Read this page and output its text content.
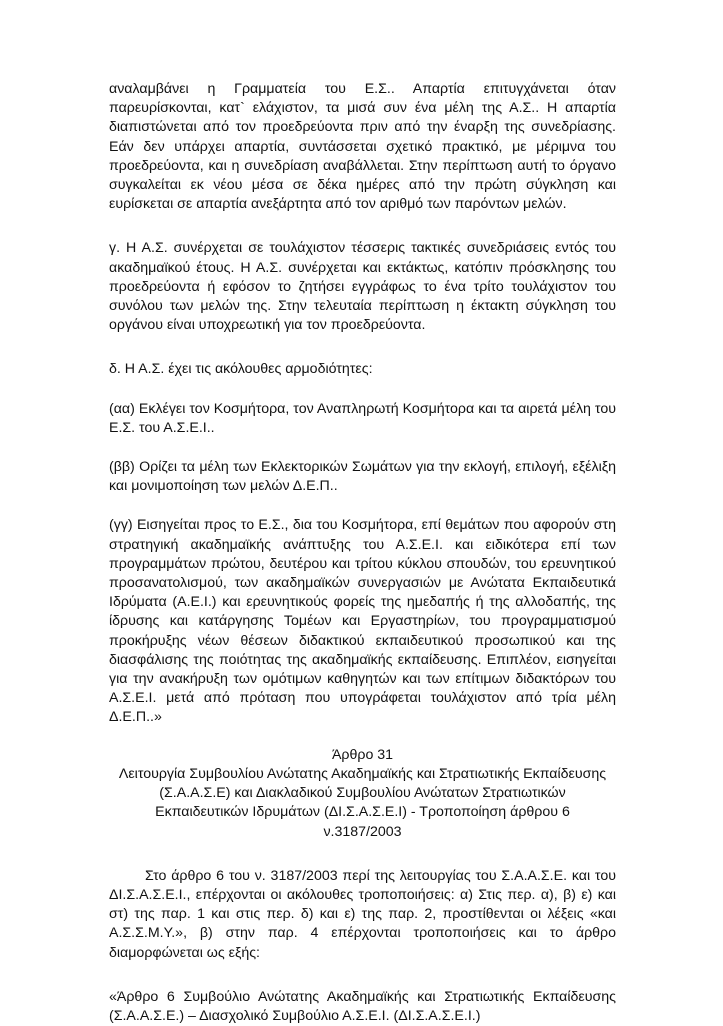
αναλαμβάνει η Γραμματεία του Ε.Σ.. Απαρτία επιτυγχάνεται όταν παρευρίσκονται, κατ` ελάχιστον, τα μισά συν ένα μέλη της Α.Σ.. Η απαρτία διαπιστώνεται από τον προεδρεύοντα πριν από την έναρξη της συνεδρίασης. Εάν δεν υπάρχει απαρτία, συντάσσεται σχετικό πρακτικό, με μέριμνα του προεδρεύοντα, και η συνεδρίαση αναβάλλεται. Στην περίπτωση αυτή το όργανο συγκαλείται εκ νέου μέσα σε δέκα ημέρες από την πρώτη σύγκληση και ευρίσκεται σε απαρτία ανεξάρτητα από τον αριθμό των παρόντων μελών.

γ. Η Α.Σ. συνέρχεται σε τουλάχιστον τέσσερις τακτικές συνεδριάσεις εντός του ακαδημαϊκού έτους. Η Α.Σ. συνέρχεται και εκτάκτως, κατόπιν πρόσκλησης του προεδρεύοντα ή εφόσον το ζητήσει εγγράφως το ένα τρίτο τουλάχιστον του συνόλου των μελών της. Στην τελευταία περίπτωση η έκτακτη σύγκληση του οργάνου είναι υποχρεωτική για τον προεδρεύοντα.

δ. Η Α.Σ. έχει τις ακόλουθες αρμοδιότητες:

(αα) Εκλέγει τον Κοσμήτορα, τον Αναπληρωτή Κοσμήτορα και τα αιρετά μέλη του Ε.Σ. του Α.Σ.Ε.Ι..

(ββ) Ορίζει τα μέλη των Εκλεκτορικών Σωμάτων για την εκλογή, επιλογή, εξέλιξη και μονιμοποίηση των μελών Δ.Ε.Π..

(γγ) Εισηγείται προς το Ε.Σ., δια του Κοσμήτορα, επί θεμάτων που αφορούν στη στρατηγική ακαδημαϊκής ανάπτυξης του Α.Σ.Ε.Ι. και ειδικότερα επί των προγραμμάτων πρώτου, δευτέρου και τρίτου κύκλου σπουδών, του ερευνητικού προσανατολισμού, των ακαδημαϊκών συνεργασιών με Ανώτατα Εκπαιδευτικά Ιδρύματα (Α.Ε.Ι.) και ερευνητικούς φορείς της ημεδαπής ή της αλλοδαπής, της ίδρυσης και κατάργησης Τομέων και Εργαστηρίων, του προγραμματισμού προκήρυξης νέων θέσεων διδακτικού εκπαιδευτικού προσωπικού και της διασφάλισης της ποιότητας της ακαδημαϊκής εκπαίδευσης. Επιπλέον, εισηγείται για την ανακήρυξη των ομότιμων καθηγητών και των επίτιμων διδακτόρων του Α.Σ.Ε.Ι. μετά από πρόταση που υπογράφεται τουλάχιστον από τρία μέλη Δ.Ε.Π..»

Άρθρο 31

Λειτουργία Συμβουλίου Ανώτατης Ακαδημαϊκής και Στρατιωτικής Εκπαίδευσης

(Σ.Α.Α.Σ.Ε) και Διακλαδικού Συμβουλίου Ανώτατων Στρατιωτικών

Εκπαιδευτικών Ιδρυμάτων (ΔΙ.Σ.Α.Σ.Ε.Ι) - Τροποποίηση άρθρου 6

ν.3187/2003

Στο άρθρο 6 του ν. 3187/2003 περί της λειτουργίας του Σ.Α.Α.Σ.Ε. και του ΔΙ.Σ.Α.Σ.Ε.Ι., επέρχονται οι ακόλουθες τροποποιήσεις: α) Στις περ. α), β) ε) και στ) της παρ. 1 και στις περ. δ) και ε) της παρ. 2, προστίθενται οι λέξεις «και Α.Σ.Σ.Μ.Υ.», β) στην παρ. 4 επέρχονται τροποποιήσεις και το άρθρο διαμορφώνεται ως εξής:

«Άρθρο 6 Συμβούλιο Ανώτατης Ακαδημαϊκής και Στρατιωτικής Εκπαίδευσης (Σ.Α.Α.Σ.Ε.) – Διασχολικό Συμβούλιο Α.Σ.Ε.Ι. (ΔΙ.Σ.Α.Σ.Ε.Ι.)
